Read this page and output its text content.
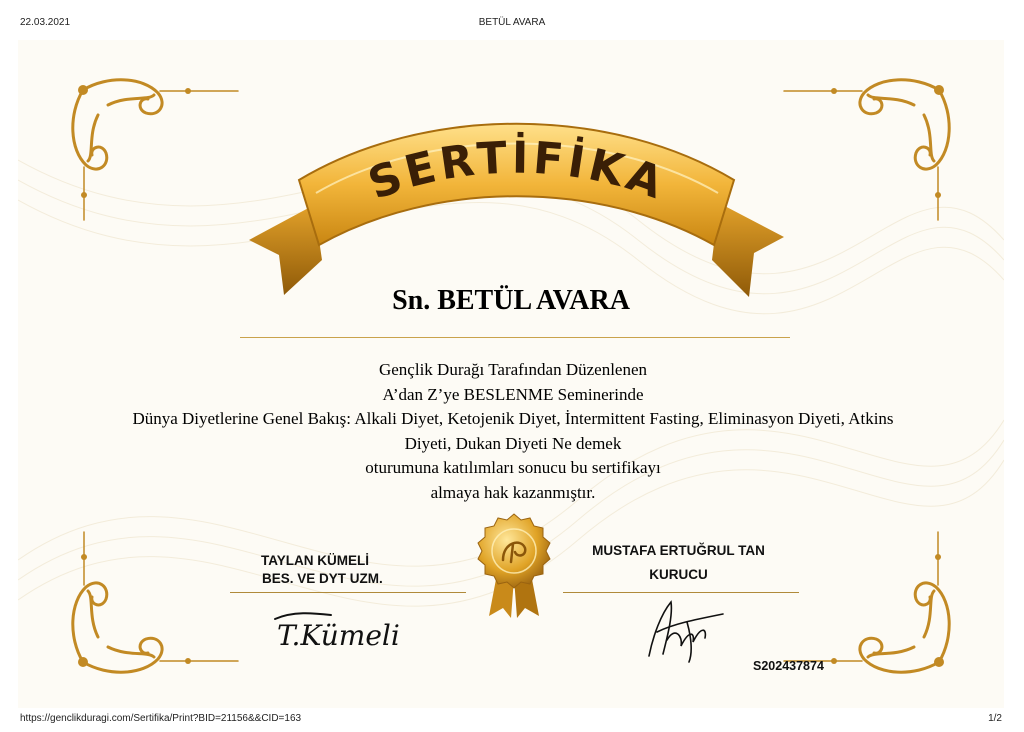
22.03.2021	BETÜL AVARA
SERTİFİKA
Sn. BETÜL AVARA
Gençlik Durağı Tarafından Düzenlenen
A’dan Z’ye BESLENME Seminerinde
Dünya Diyetlerine Genel Bakış: Alkali Diyet, Ketojenik Diyet, İntermittent Fasting, Eliminasyon Diyeti, Atkins
Diyeti, Dukan Diyeti Ne demek
oturumuna katılımları sonucu bu sertifikayı
almaya hak kazanmıştır.
TAYLAN KÜMELİ
BES. VE DYT UZM.
MUSTAFA ERTUĞRUL TAN
KURUCU
T.Kümeli
S202437874
https://genclikduragi.com/Sertifika/Print?BID=21156&&CID=163	1/2
